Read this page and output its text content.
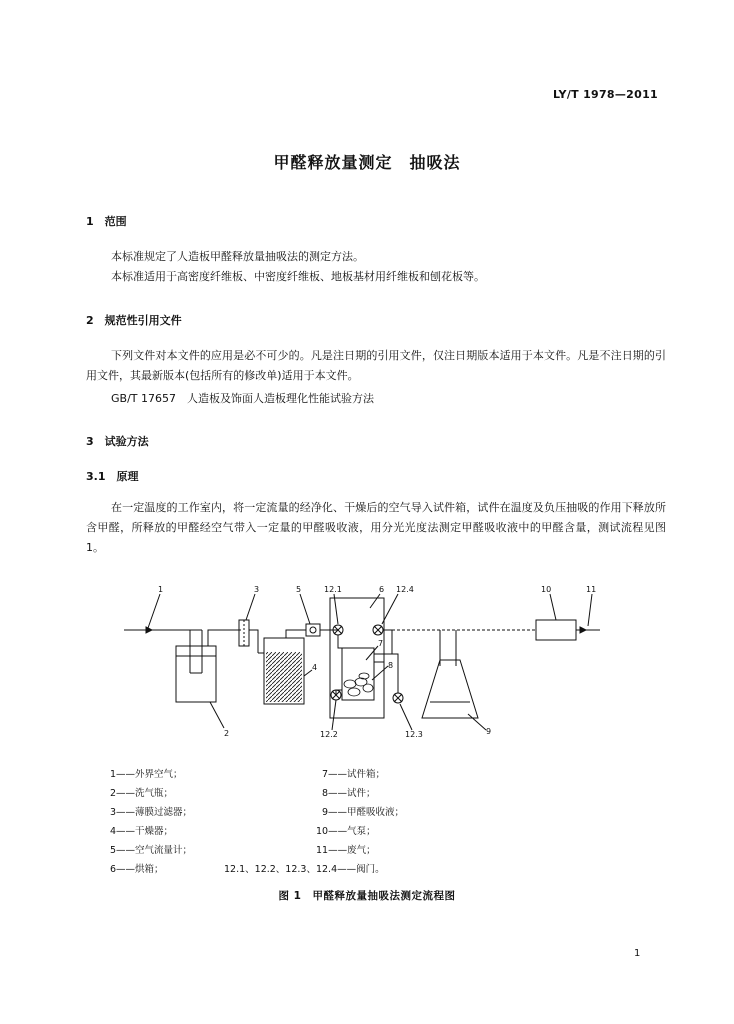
LY/T 1978—2011
甲醛释放量测定　抽吸法
1　范围
本标准规定了人造板甲醛释放量抽吸法的测定方法。
本标准适用于高密度纤维板、中密度纤维板、地板基材用纤维板和刨花板等。
2　规范性引用文件
下列文件对本文件的应用是必不可少的。凡是注日期的引用文件，仅注日期版本适用于本文件。凡是不注日期的引用文件，其最新版本(包括所有的修改单)适用于本文件。
GB/T 17657　人造板及饰面人造板理化性能试验方法
3　试验方法
3.1　原理
在一定温度的工作室内，将一定流量的经净化、干燥后的空气导入试件箱，试件在温度及负压抽吸的作用下释放所含甲醛，所释放的甲醛经空气带入一定量的甲醛吸收液，用分光光度法测定甲醛吸收液中的甲醛含量，测试流程见图 1。
1
2
3
4
5	6
7
8
9
10	11
12.1
12.2	12.3
12.4
1——外界空气；
2——洗气瓶；
3——薄膜过滤器；
4——干燥器；
5——空气流量计；
6——烘箱；
7——试件箱；
8——试件；
9——甲醛吸收液；
10——气泵；
11——废气；
12.1、12.2、12.3、12.4——阀门。
图 1　甲醛释放量抽吸法测定流程图
1
